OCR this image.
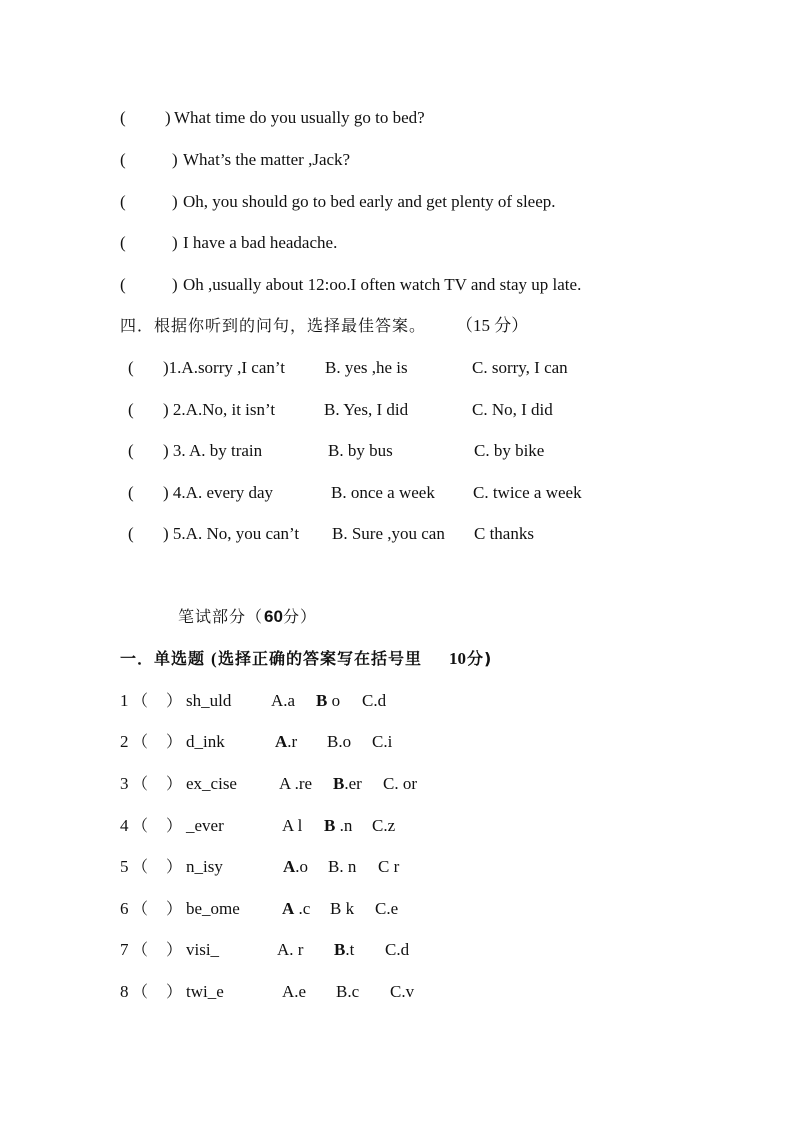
( ) What time do you usually go to bed?
(	) What’s the matter ,Jack?
(	) Oh, you should go to bed early and get plenty of sleep.
(	) I have a bad headache.
(	) Oh ,usually about 12:oo.I often watch TV and stay up late.
四．根据你听到的问句，选择最佳答案。 （15 分）
( )1.A.sorry ,I can’t B. yes ,he is	C. sorry, I can
( ) 2.A.No, it isn’t	B. Yes, I did	C. No, I did
( ) 3. A. by train	B. by bus	C. by bike
( ) 4.A. every day	B. once a week C. twice a week
( ) 5.A. No, you can’t B. Sure ,you can C thanks
笔试部分（ 60 分）
一．单选题 ( 选择正确的答案写在括号里 10 分)
1 （　） sh_uld A.a B o C.d
2 （　） d_ink	A.r B.o C.i
3 （　） ex_cise A .re B.er C. or
4 （　） _ever	A l B .n C.z
5 （　） n_isy	A.o B. n C r
6 （　） be_ome A .c B k C.e
7 （　） visi_	A. r B.t C.d
8 （　） twi_e	A.e B.c C.v
